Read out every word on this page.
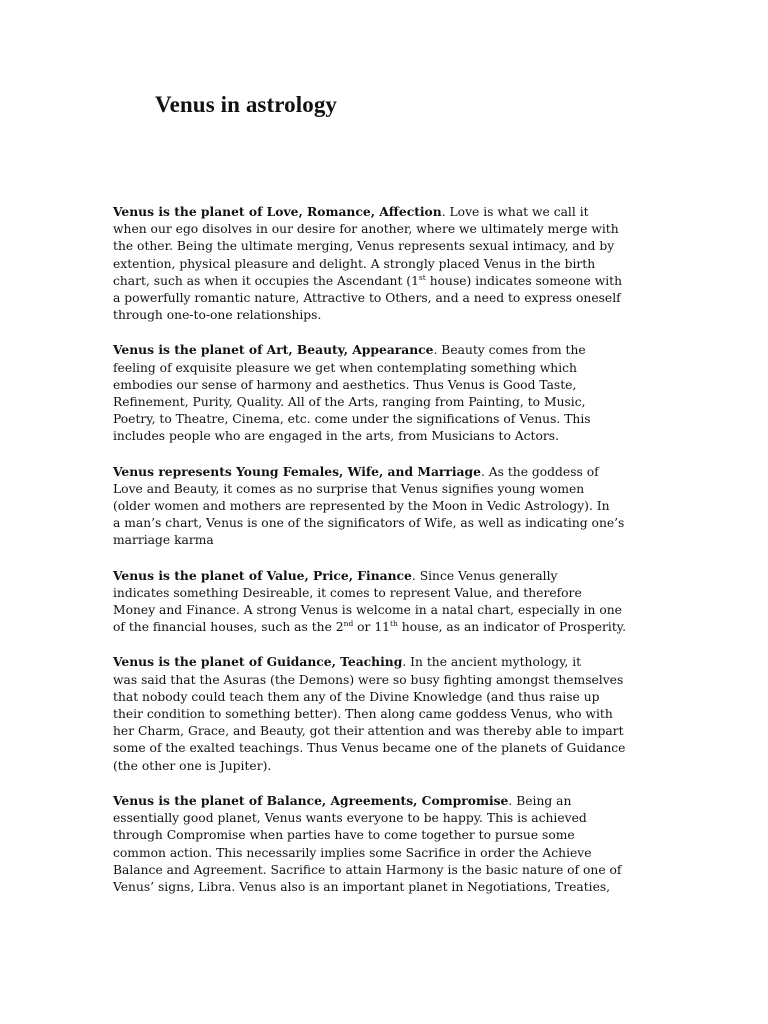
Venus in astrology

Venus is the planet of Love, Romance, Affection. Love is what we call it
when our ego disolves in our desire for another, where we ultimately merge with
the other. Being the ultimate merging, Venus represents sexual intimacy, and by
extention, physical pleasure and delight. A strongly placed Venus in the birth
chart, such as when it occupies the Ascendant (1st house) indicates someone with
a powerfully romantic nature, Attractive to Others, and a need to express oneself
through one-to-one relationships.

Venus is the planet of Art, Beauty, Appearance. Beauty comes from the
feeling of exquisite pleasure we get when contemplating something which
embodies our sense of harmony and aesthetics. Thus Venus is Good Taste,
Refinement, Purity, Quality. All of the Arts, ranging from Painting, to Music,
Poetry, to Theatre, Cinema, etc. come under the significations of Venus. This
includes people who are engaged in the arts, from Musicians to Actors.

Venus represents Young Females, Wife, and Marriage. As the goddess of
Love and Beauty, it comes as no surprise that Venus signifies young women
(older women and mothers are represented by the Moon in Vedic Astrology). In
a man’s chart, Venus is one of the significators of Wife, as well as indicating one’s
marriage karma

Venus is the planet of Value, Price, Finance. Since Venus generally
indicates something Desireable, it comes to represent Value, and therefore
Money and Finance. A strong Venus is welcome in a natal chart, especially in one
of the financial houses, such as the 2nd or 11th house, as an indicator of Prosperity.

Venus is the planet of Guidance, Teaching. In the ancient mythology, it
was said that the Asuras (the Demons) were so busy fighting amongst themselves
that nobody could teach them any of the Divine Knowledge (and thus raise up
their condition to something better). Then along came goddess Venus, who with
her Charm, Grace, and Beauty, got their attention and was thereby able to impart
some of the exalted teachings. Thus Venus became one of the planets of Guidance
(the other one is Jupiter).

Venus is the planet of Balance, Agreements, Compromise. Being an
essentially good planet, Venus wants everyone to be happy. This is achieved
through Compromise when parties have to come together to pursue some
common action. This necessarily implies some Sacrifice in order the Achieve
Balance and Agreement. Sacrifice to attain Harmony is the basic nature of one of
Venus’ signs, Libra. Venus also is an important planet in Negotiations, Treaties,
